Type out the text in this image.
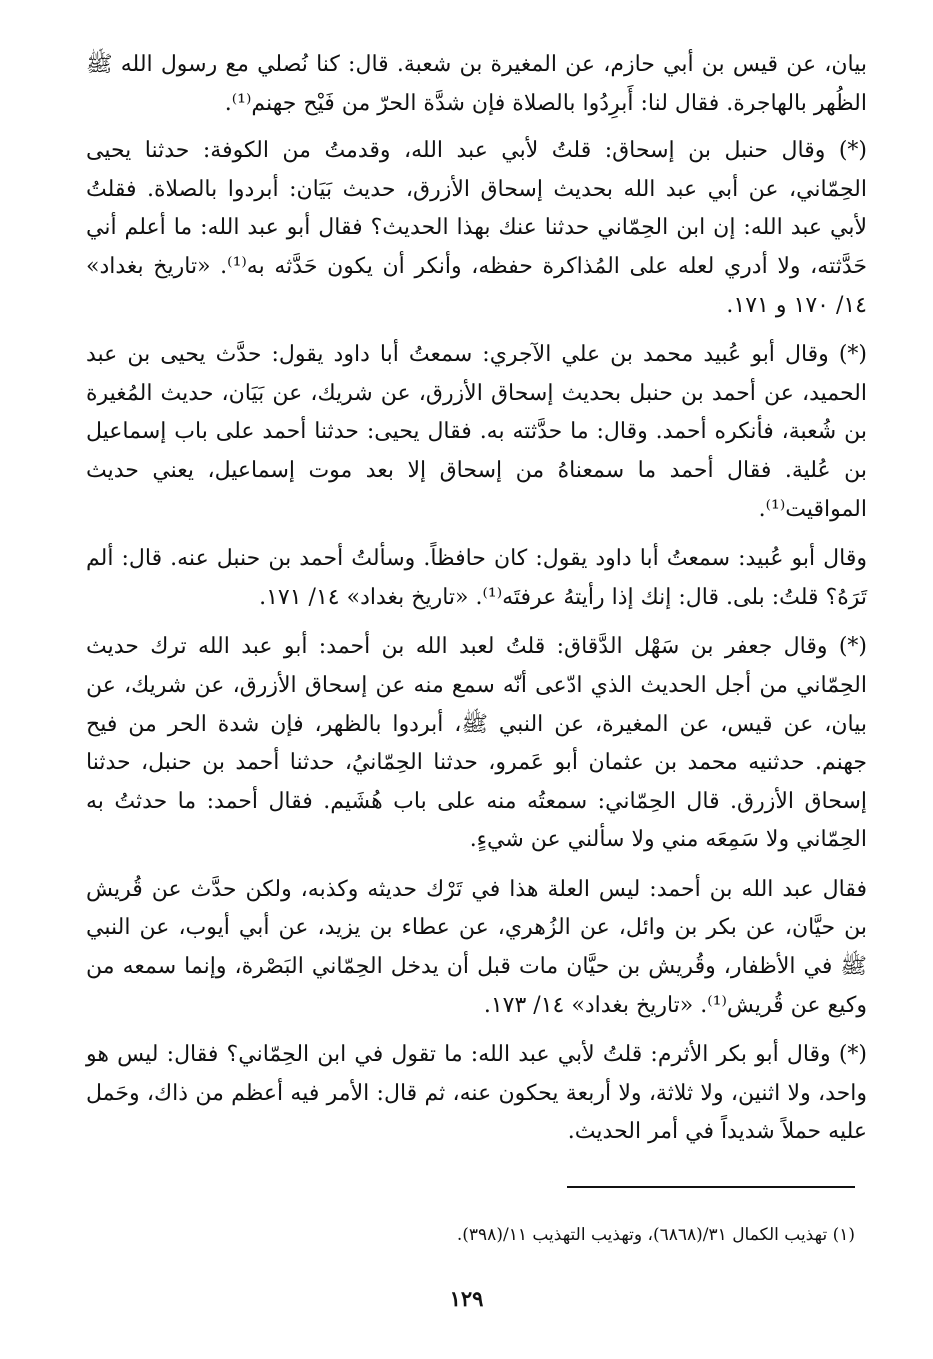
بيان، عن قيس بن أبي حازم، عن المغيرة بن شعبة. قال: كنا نُصلي مع رسول الله ﷺ الظُهر بالهاجرة. فقال لنا: أَبرِدُوا بالصلاة فإن شدَّة الحرّ من فَيْح جهنم⁽¹⁾.

(*) وقال حنبل بن إسحاق: قلتُ لأبي عبد الله، وقدمتُ من الكوفة: حدثنا يحيى الحِمّاني، عن أبي عبد الله بحديث إسحاق الأزرق، حديث بَيَان: أبردوا بالصلاة. فقلتُ لأبي عبد الله: إن ابن الحِمّاني حدثنا عنك بهذا الحديث؟ فقال أبو عبد الله: ما أعلم أني حَدَّثته، ولا أدري لعله على المُذاكرة حفظه، وأنكر أن يكون حَدَّثه به⁽¹⁾. «تاريخ بغداد» ١٤/ ١٧٠ و ١٧١.

(*) وقال أبو عُبيد محمد بن علي الآجري: سمعتُ أبا داود يقول: حدَّث يحيى بن عبد الحميد، عن أحمد بن حنبل بحديث إسحاق الأزرق، عن شريك، عن بَيَان، حديث المُغيرة بن شُعبة، فأنكره أحمد. وقال: ما حدَّثته به. فقال يحيى: حدثنا أحمد على باب إسماعيل بن عُلية. فقال أحمد ما سمعناهُ من إسحاق إلا بعد موت إسماعيل، يعني حديث المواقيت⁽¹⁾.

وقال أبو عُبيد: سمعتُ أبا داود يقول: كان حافظاً. وسألتُ أحمد بن حنبل عنه. قال: ألم تَرَهُ؟ قلتُ: بلى. قال: إنك إذا رأيتهُ عرفتَه⁽¹⁾. «تاريخ بغداد» ١٤/ ١٧١.

(*) وقال جعفر بن سَهْل الدَّقاق: قلتُ لعبد الله بن أحمد: أبو عبد الله ترك حديث الحِمّاني من أجل الحديث الذي ادّعى أنّه سمع منه عن إسحاق الأزرق، عن شريك، عن بيان، عن قيس، عن المغيرة، عن النبي ﷺ، أبردوا بالظهر، فإن شدة الحر من فيح جهنم. حدثنيه محمد بن عثمان أبو عَمرو، حدثنا الحِمّانيُ، حدثنا أحمد بن حنبل، حدثنا إسحاق الأزرق. قال الحِمّاني: سمعتُه منه على باب هُشَيم. فقال أحمد: ما حدثتُ به الحِمّاني ولا سَمِعَه مني ولا سألني عن شيءٍ.

فقال عبد الله بن أحمد: ليس العلة هذا في تَرْك حديثه وكذبه، ولكن حدَّث عن قُريش بن حيَّان، عن بكر بن وائل، عن الزُهري، عن عطاء بن يزيد، عن أبي أيوب، عن النبي ﷺ في الأظفار، وقُريش بن حيَّان مات قبل أن يدخل الحِمّاني البَصْرة، وإنما سمعه من وكيع عن قُريش⁽¹⁾. «تاريخ بغداد» ١٤/ ١٧٣.

(*) وقال أبو بكر الأثرم: قلتُ لأبي عبد الله: ما تقول في ابن الحِمّاني؟ فقال: ليس هو واحد، ولا اثنين، ولا ثلاثة، ولا أربعة يحكون عنه، ثم قال: الأمر فيه أعظم من ذاك، وحَمل عليه حملاً شديداً في أمر الحديث.

(١) تهذيب الكمال ٣١/(٦٨٦٨)، وتهذيب التهذيب ١١/(٣٩٨).
١٢٩
